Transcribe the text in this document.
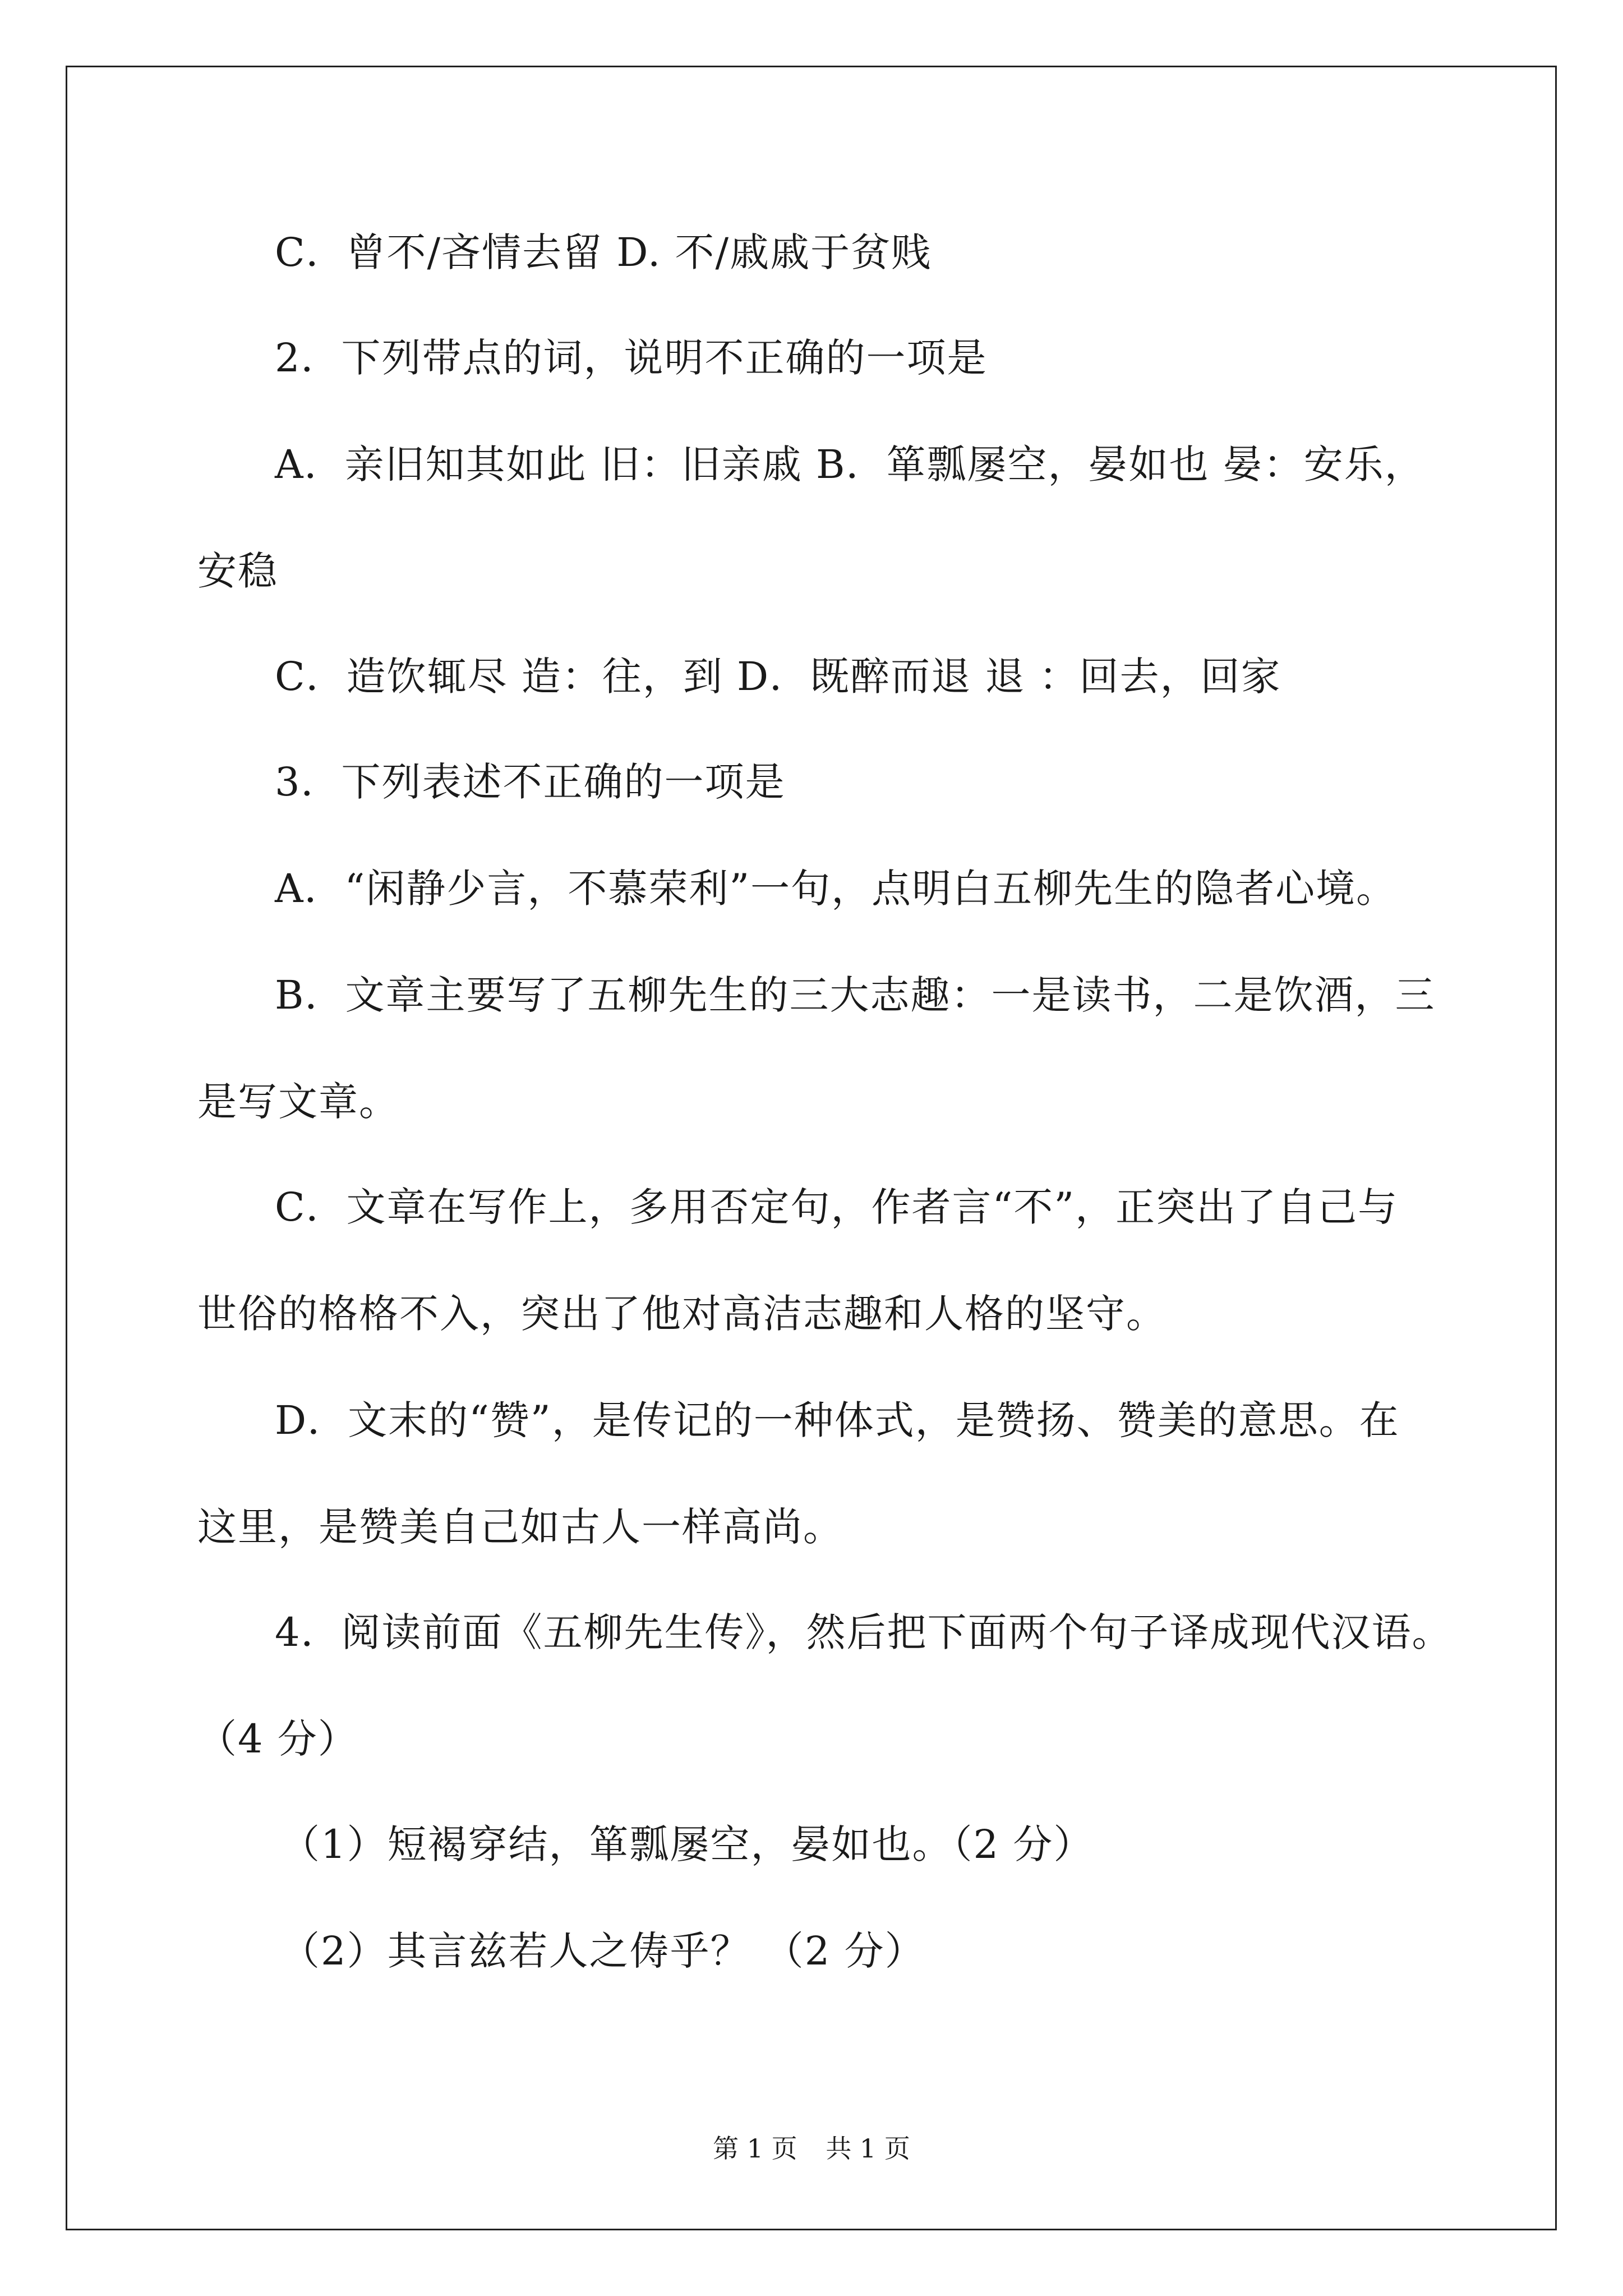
C．曾不/吝情去留 D. 不/戚戚于贫贱
2．下列带点的词，说明不正确的一项是
A．亲旧知其如此 旧：旧亲戚 B．箪瓢屡空，晏如也 晏：安乐，
安稳
C．造饮辄尽 造：往，到 D．既醉而退 退 ：回去，回家
3．下列表述不正确的一项是
A．“闲静少言，不慕荣利”一句，点明白五柳先生的隐者心境。
B．文章主要写了五柳先生的三大志趣：一是读书，二是饮酒，三
是写文章。
C．文章在写作上，多用否定句，作者言“不”，正突出了自己与
世俗的格格不入，突出了他对高洁志趣和人格的坚守。
D．文末的“赞”，是传记的一种体式，是赞扬、赞美的意思。在
这里，是赞美自己如古人一样高尚。
4．阅读前面《五柳先生传》，然后把下面两个句子译成现代汉语。
（4 分）
（1）短褐穿结，箪瓢屡空，晏如也。（2 分）
（2）其言兹若人之俦乎？ （2 分）
第 1 页 共 1 页
